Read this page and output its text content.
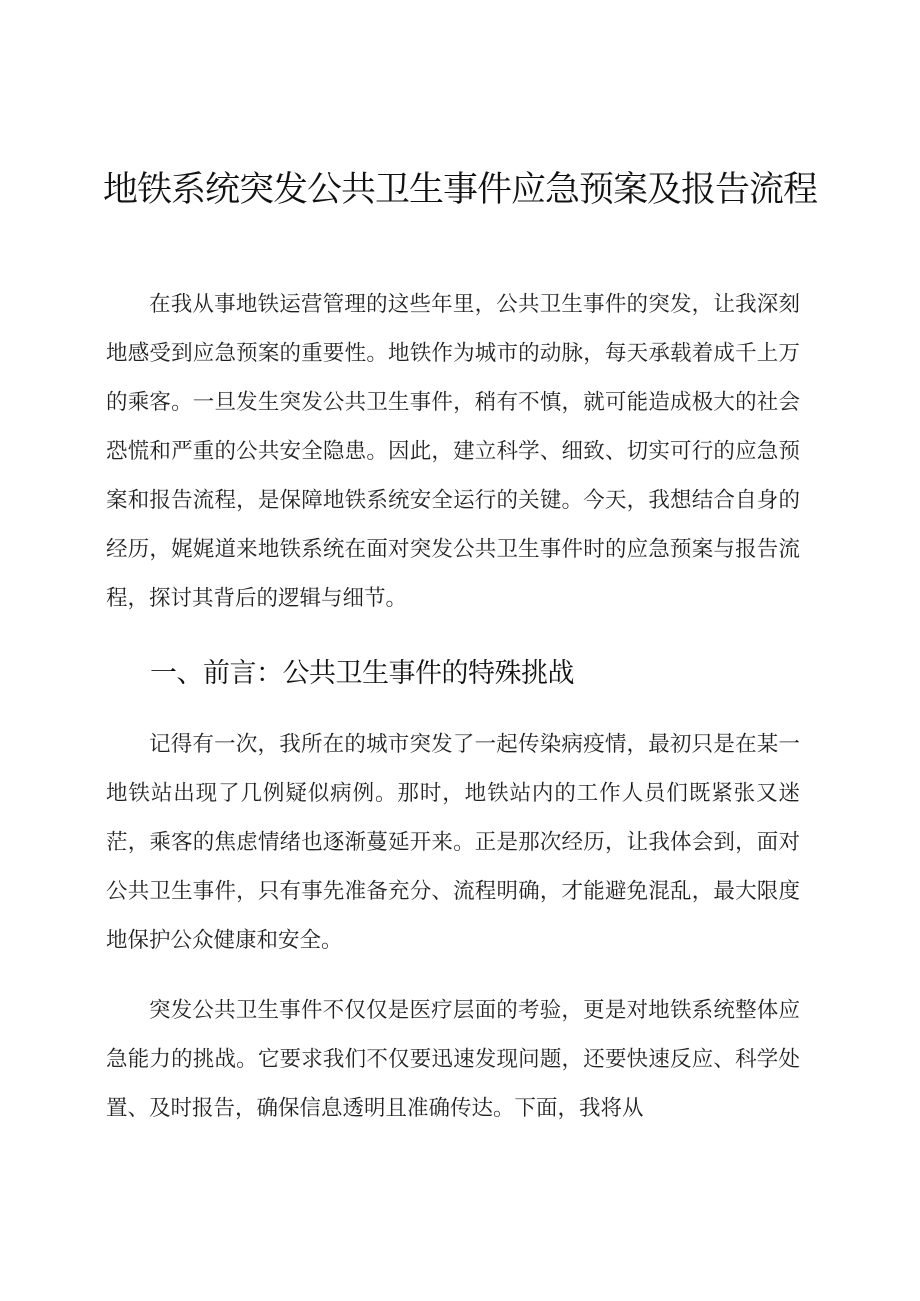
地铁系统突发公共卫生事件应急预案及报告流程

在我从事地铁运营管理的这些年里，公共卫生事件的突发，让我深刻地感受到应急预案的重要性。地铁作为城市的动脉，每天承载着成千上万的乘客。一旦发生突发公共卫生事件，稍有不慎，就可能造成极大的社会恐慌和严重的公共安全隐患。因此，建立科学、细致、切实可行的应急预案和报告流程，是保障地铁系统安全运行的关键。今天，我想结合自身的经历，娓娓道来地铁系统在面对突发公共卫生事件时的应急预案与报告流程，探讨其背后的逻辑与细节。

一、前言：公共卫生事件的特殊挑战

记得有一次，我所在的城市突发了一起传染病疫情，最初只是在某一地铁站出现了几例疑似病例。那时，地铁站内的工作人员们既紧张又迷茫，乘客的焦虑情绪也逐渐蔓延开来。正是那次经历，让我体会到，面对公共卫生事件，只有事先准备充分、流程明确，才能避免混乱，最大限度地保护公众健康和安全。

突发公共卫生事件不仅仅是医疗层面的考验，更是对地铁系统整体应急能力的挑战。它要求我们不仅要迅速发现问题，还要快速反应、科学处置、及时报告，确保信息透明且准确传达。下面，我将从
